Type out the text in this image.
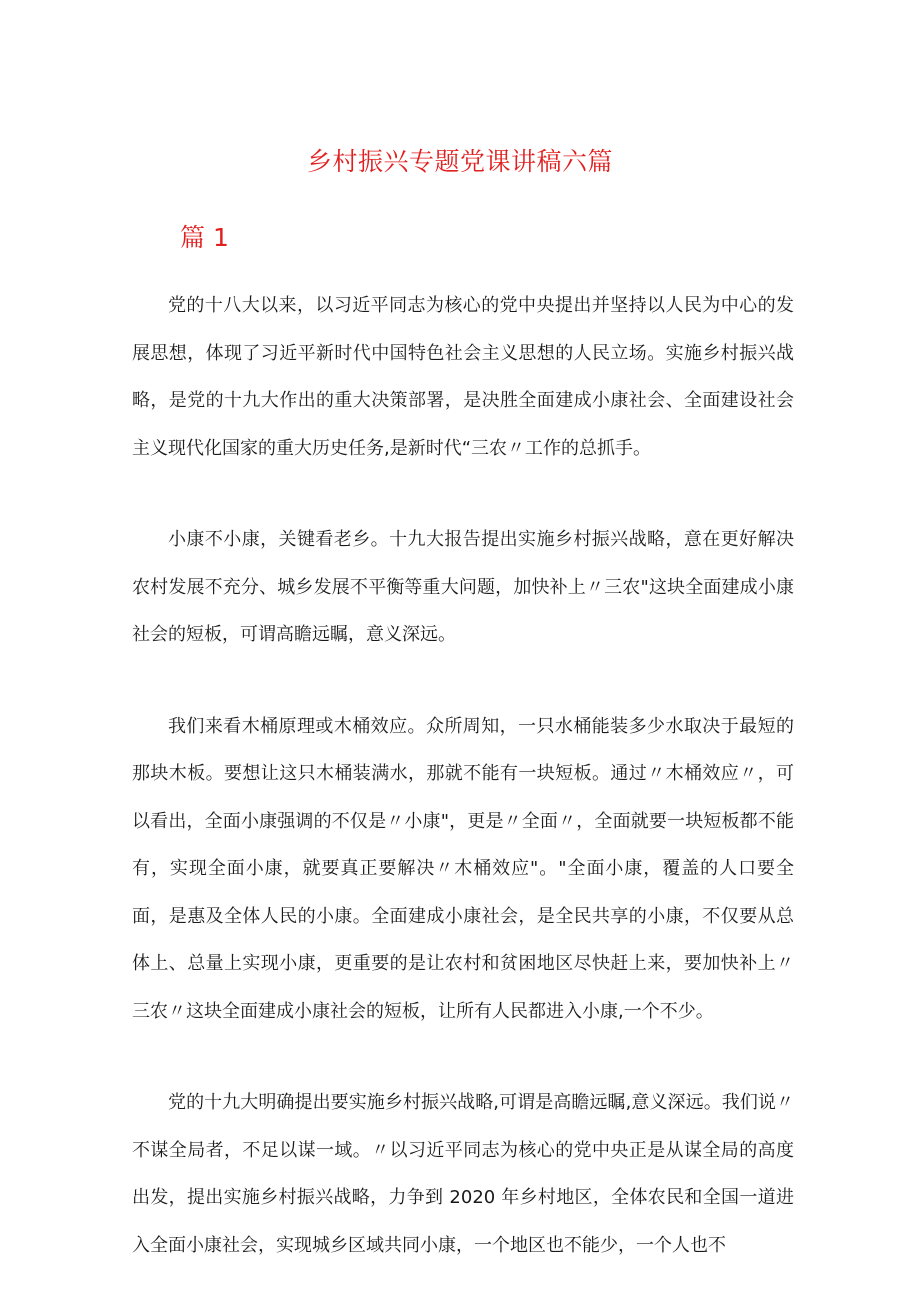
乡村振兴专题党课讲稿六篇
篇 1

党的十八大以来，以习近平同志为核心的党中央提出并坚持以人民为中心的发展思想，体现了习近平新时代中国特色社会主义思想的人民立场。实施乡村振兴战略，是党的十九大作出的重大决策部署，是决胜全面建成小康社会、全面建设社会主义现代化国家的重大历史任务,是新时代“三农〃工作的总抓手。

小康不小康，关键看老乡。十九大报告提出实施乡村振兴战略，意在更好解决农村发展不充分、城乡发展不平衡等重大问题，加快补上〃三农"这块全面建成小康社会的短板，可谓高瞻远瞩，意义深远。

我们来看木桶原理或木桶效应。众所周知，一只水桶能装多少水取决于最短的那块木板。要想让这只木桶装满水，那就不能有一块短板。通过〃木桶效应〃，可以看出，全面小康强调的不仅是〃小康"，更是〃全面〃，全面就要一块短板都不能有，实现全面小康，就要真正要解决〃木桶效应"。"全面小康，覆盖的人口要全面，是惠及全体人民的小康。全面建成小康社会，是全民共享的小康，不仅要从总体上、总量上实现小康，更重要的是让农村和贫困地区尽快赶上来，要加快补上〃三农〃这块全面建成小康社会的短板，让所有人民都进入小康,一个不少。

党的十九大明确提出要实施乡村振兴战略,可谓是高瞻远瞩,意义深远。我们说〃不谋全局者，不足以谋一域。〃以习近平同志为核心的党中央正是从谋全局的高度出发，提出实施乡村振兴战略，力争到 2020 年乡村地区，全体农民和全国一道进入全面小康社会，实现城乡区域共同小康，一个地区也不能少，一个人也不
